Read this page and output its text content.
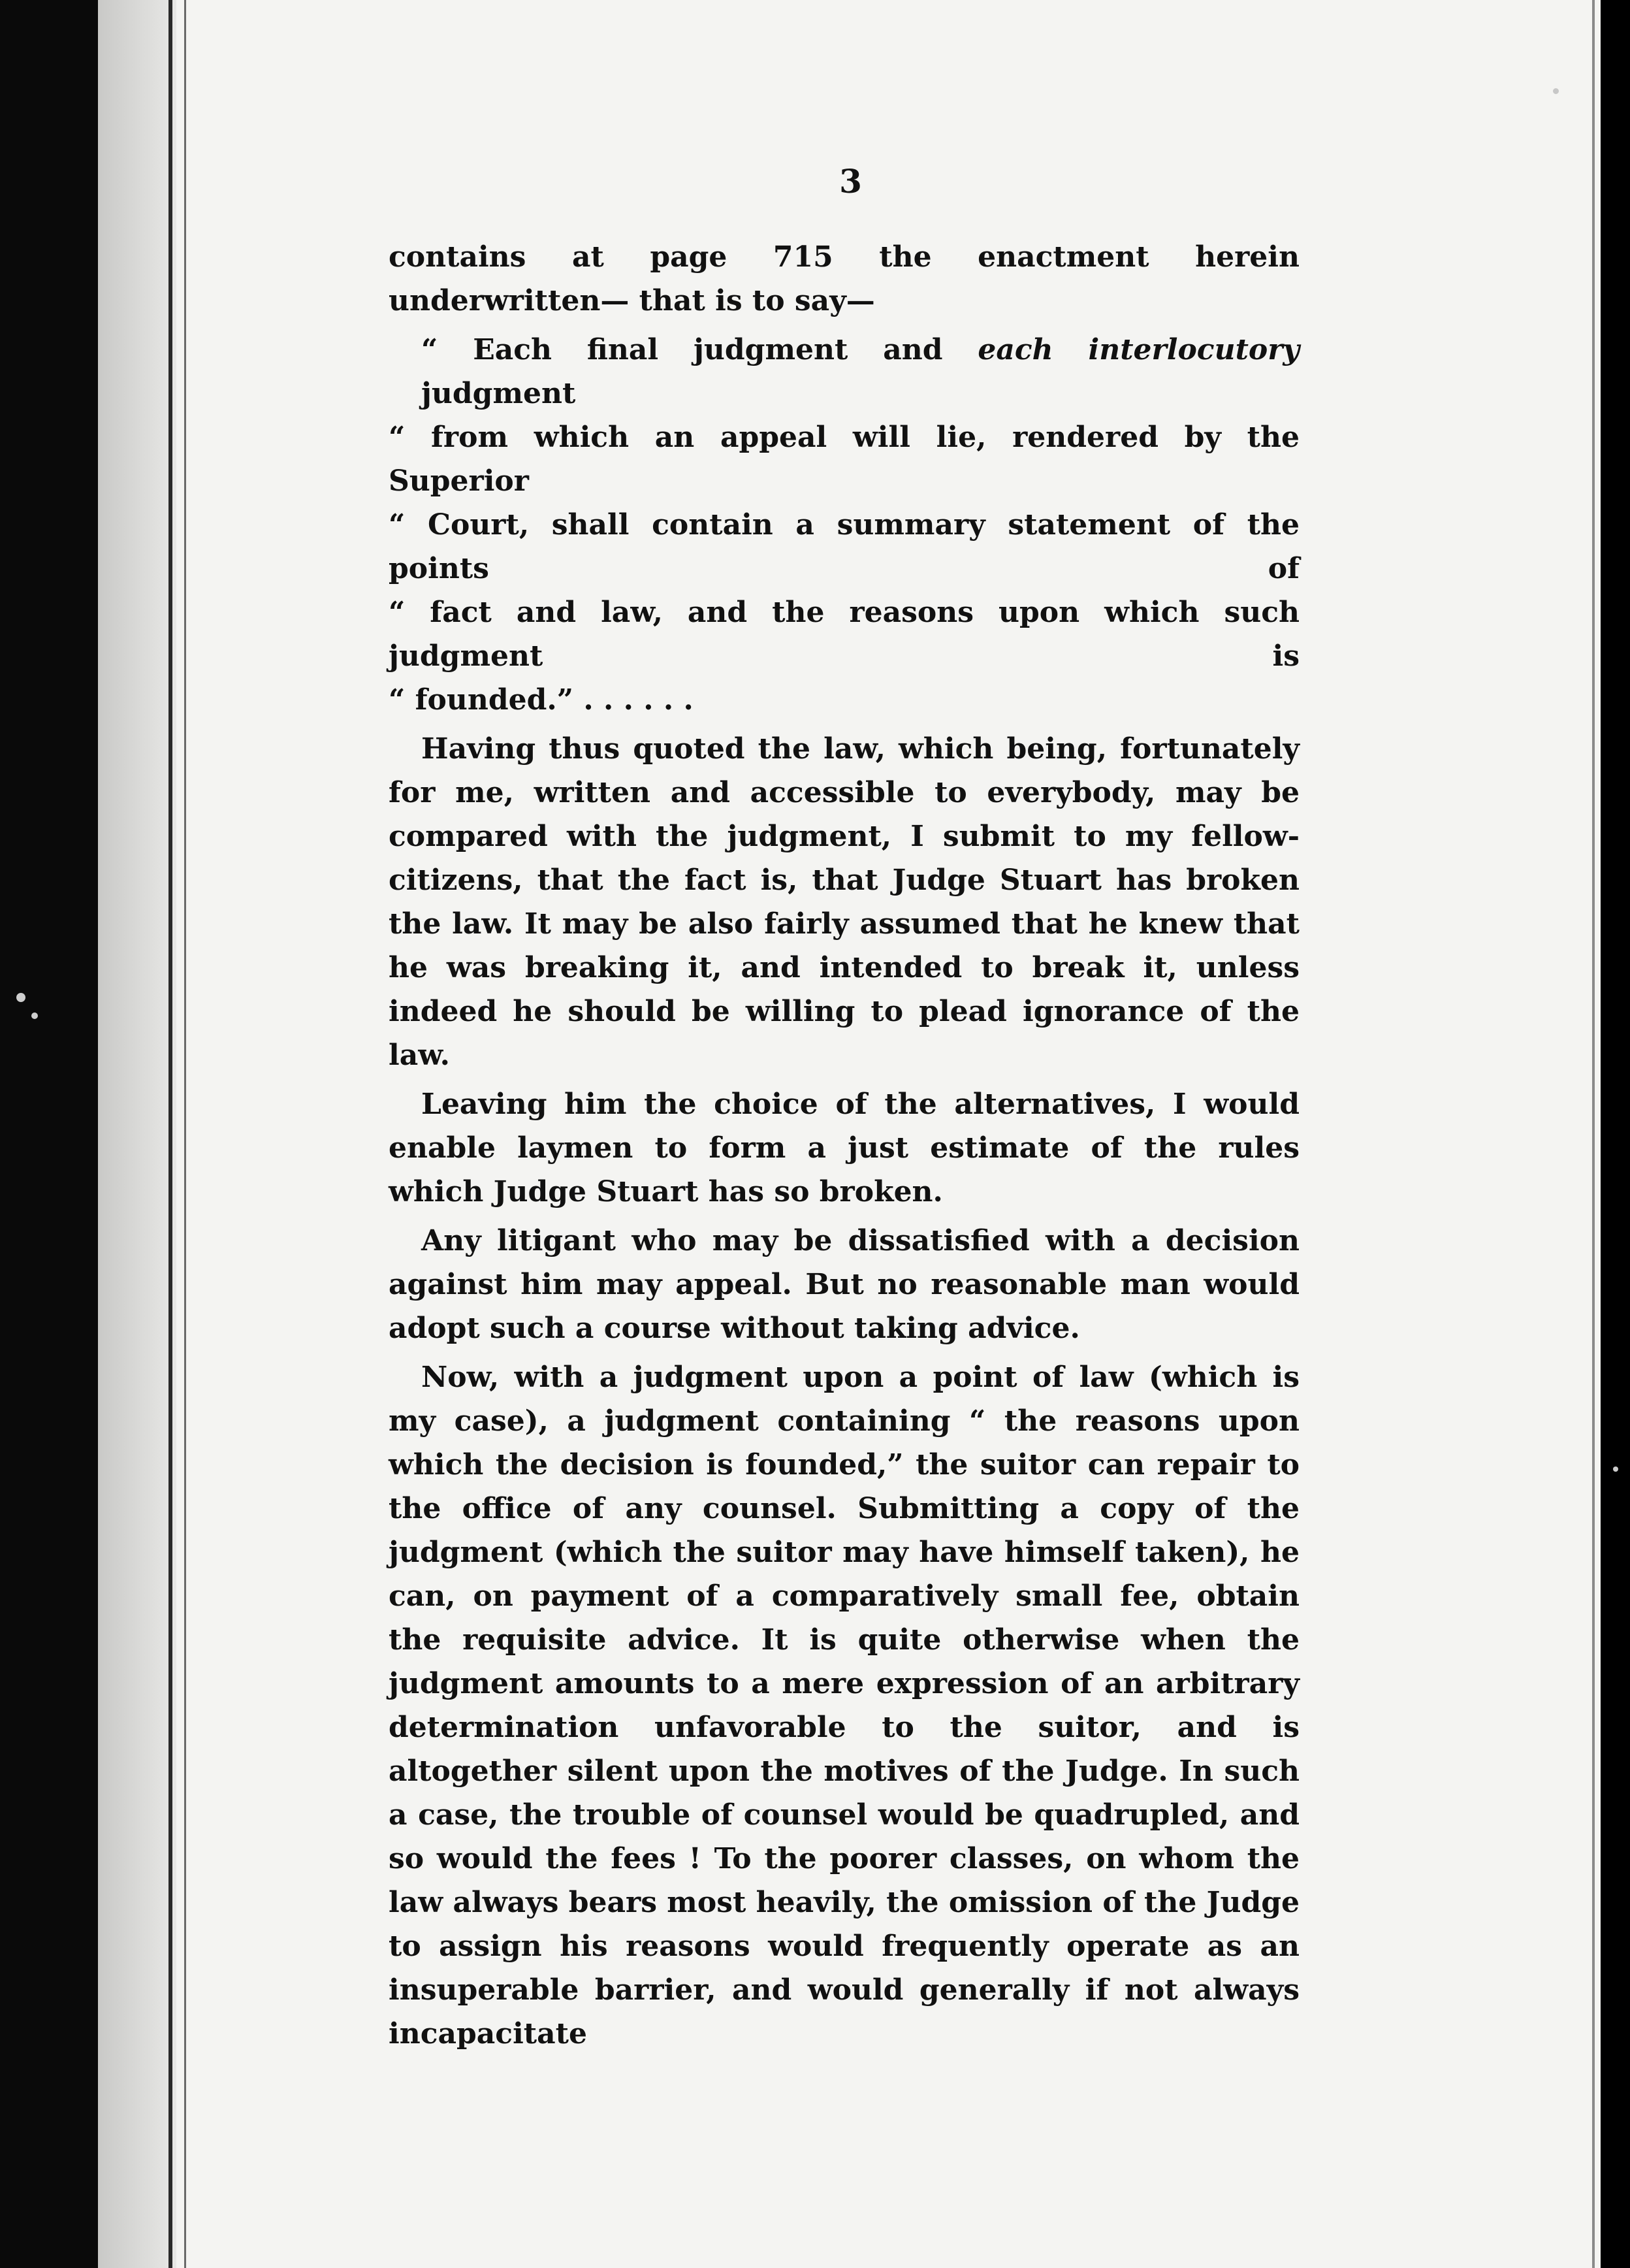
3

contains at page 715 the enactment herein underwritten— that is to say—

“ Each final judgment and each interlocutory judgment
“ from which an appeal will lie, rendered by the Superior
“ Court, shall contain a summary statement of the points of
“ fact and law, and the reasons upon which such judgment is
“ founded.” . . . . . .

Having thus quoted the law, which being, fortunately for me, written and accessible to everybody, may be compared with the judgment, I submit to my fellow-citizens, that the fact is, that Judge Stuart has broken the law. It may be also fairly assumed that he knew that he was breaking it, and intended to break it, unless indeed he should be willing to plead ignorance of the law.

Leaving him the choice of the alternatives, I would enable laymen to form a just estimate of the rules which Judge Stuart has so broken.

Any litigant who may be dissatisfied with a decision against him may appeal. But no reasonable man would adopt such a course without taking advice.

Now, with a judgment upon a point of law (which is my case), a judgment containing “ the reasons upon which the decision is founded,” the suitor can repair to the office of any counsel. Submitting a copy of the judgment (which the suitor may have himself taken), he can, on payment of a comparatively small fee, obtain the requisite advice. It is quite otherwise when the judgment amounts to a mere expression of an arbitrary determination unfavorable to the suitor, and is altogether silent upon the motives of the Judge. In such a case, the trouble of counsel would be quadrupled, and so would the fees ! To the poorer classes, on whom the law always bears most heavily, the omission of the Judge to assign his reasons would frequently operate as an insuperable barrier, and would generally if not always incapacitate
